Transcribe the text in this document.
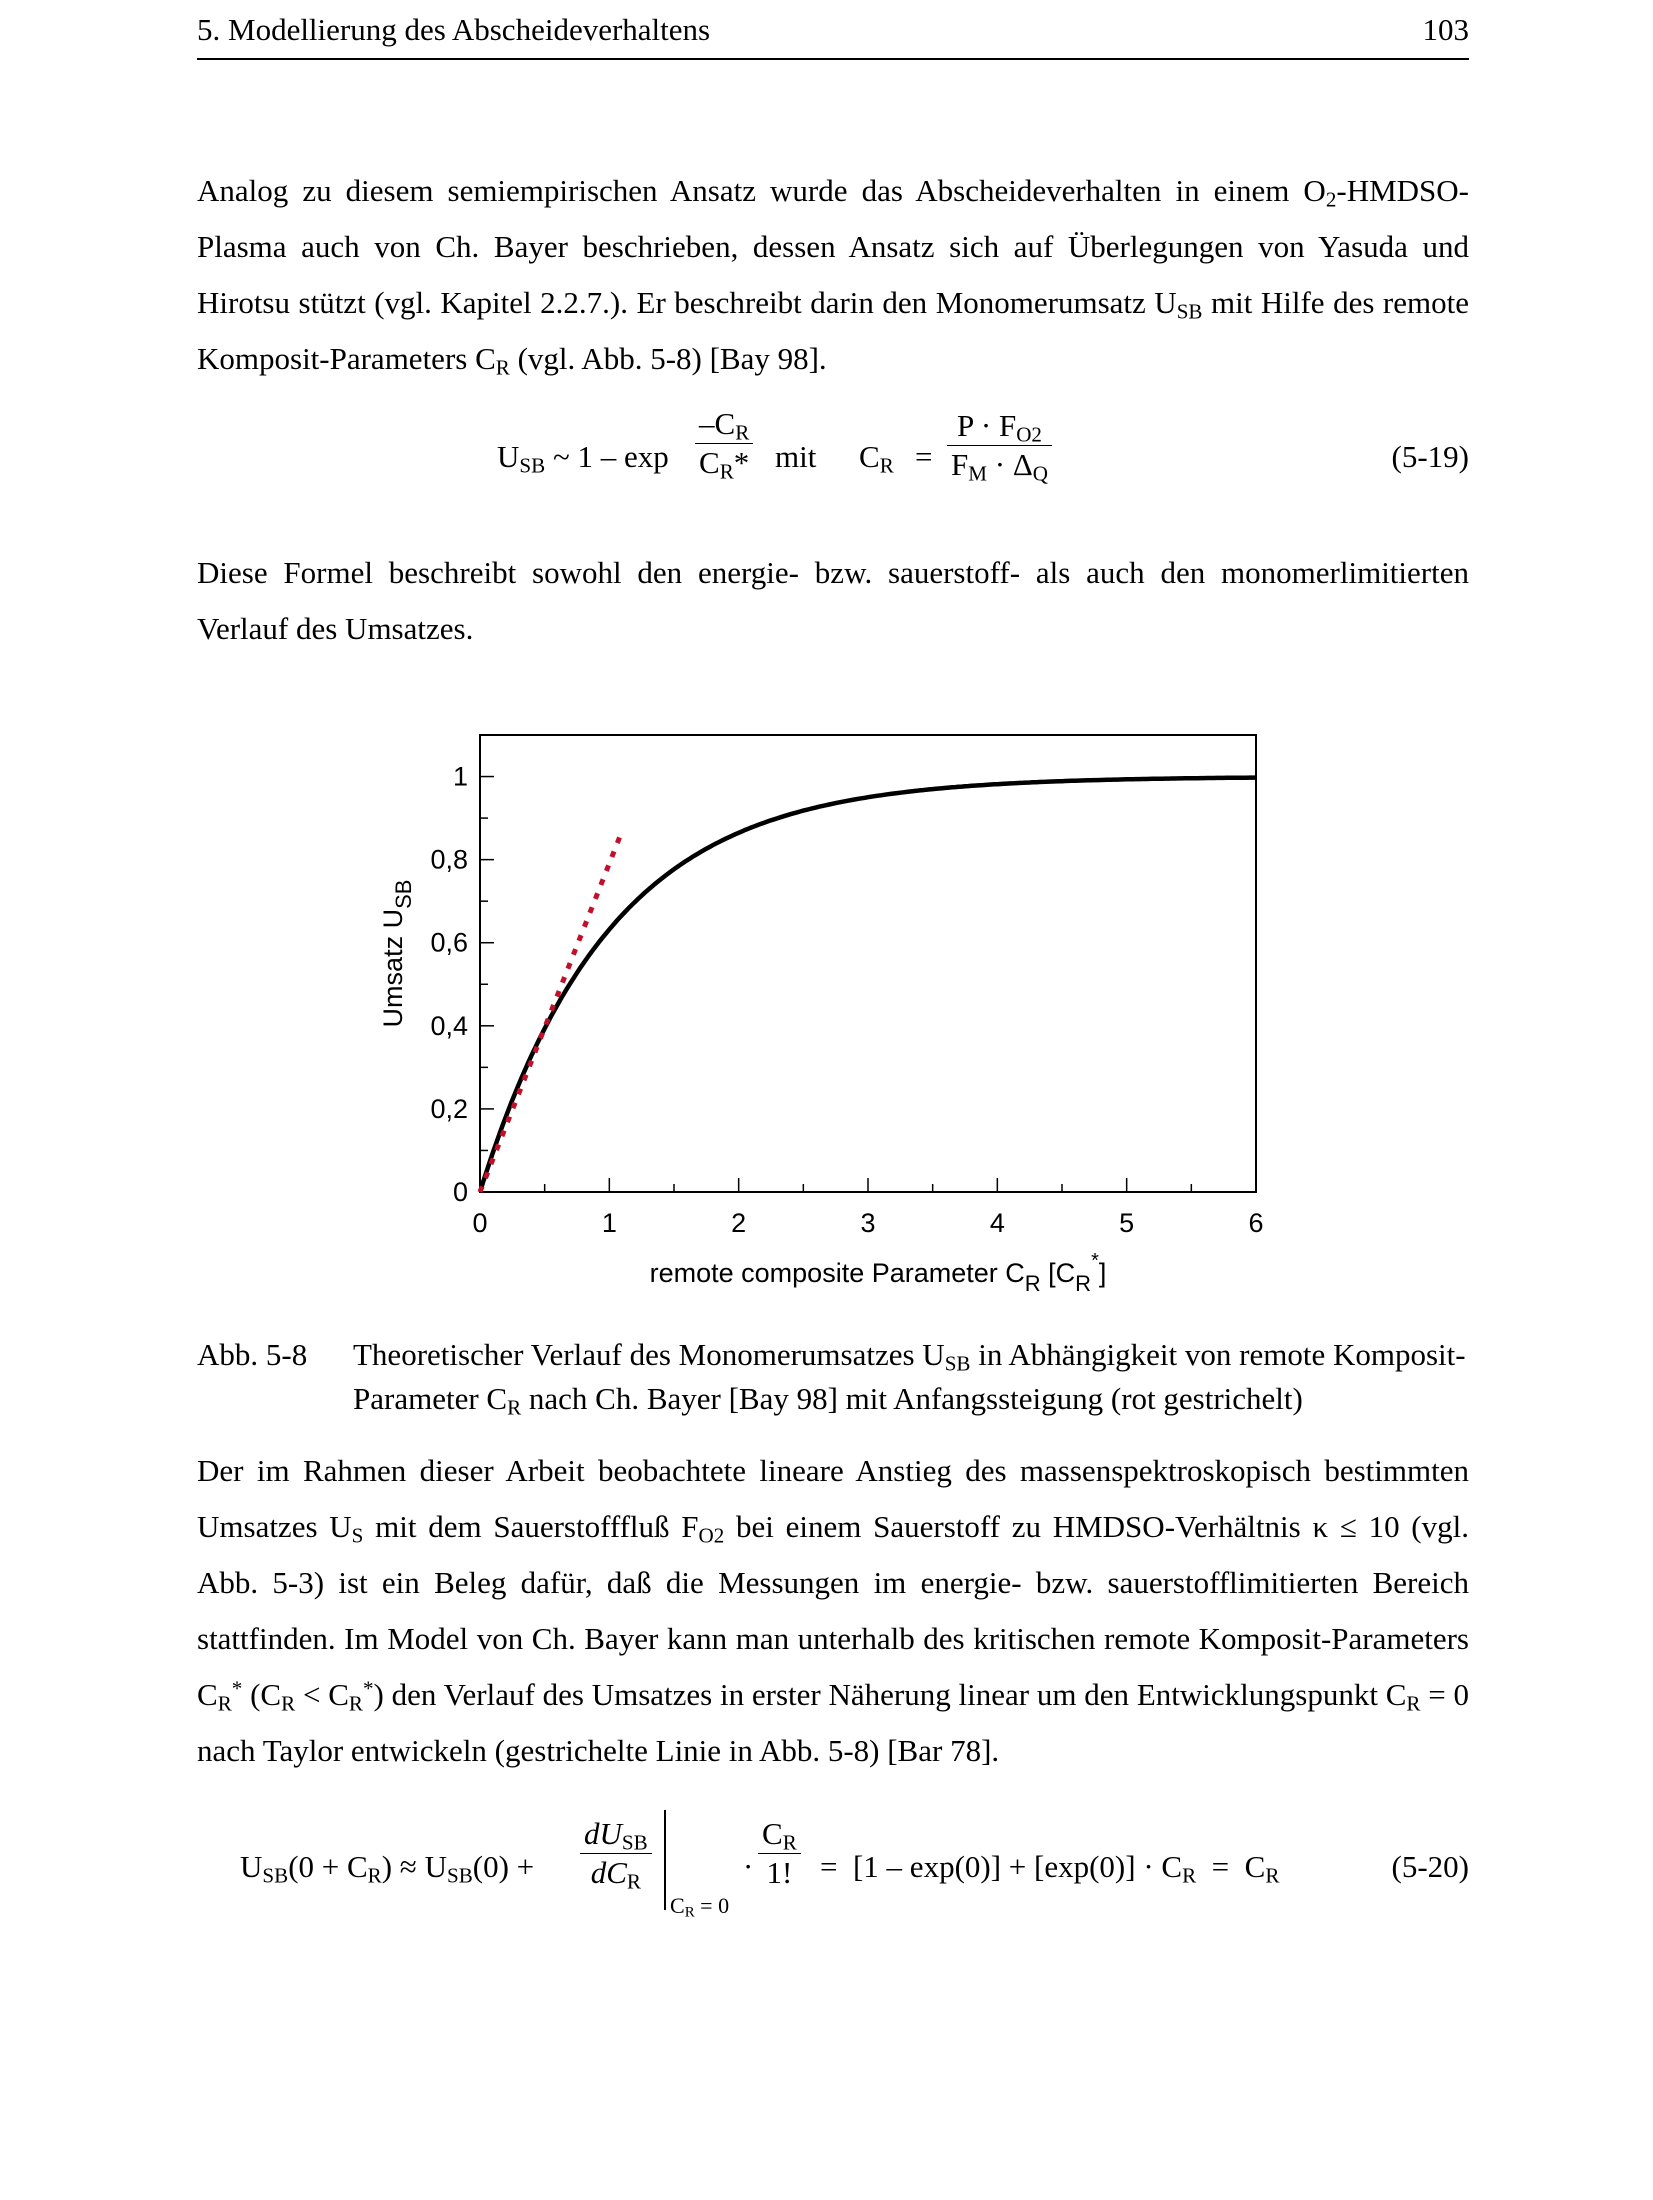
5. Modellierung des Abscheideverhaltens	103

Analog zu diesem semiempirischen Ansatz wurde das Abscheideverhalten in einem $O_2-HMDSO$-Plasma auch von Ch. Bayer beschrieben, dessen Ansatz sich auf Überlegungen von Yasuda und Hirotsu stützt (vgl. Kapitel 2.2.7.). Er beschreibt darin den Monomerumsatz $U_{SB}$ mit Hilfe des remote Komposit-Parameters $C_R$ (vgl. Abb. 5-8) [Bay 98].

$U_{SB}$ ~ $1 - \exp \frac{-C_R}{C_R*}$ mit $C_R = \frac{P \cdot F_{O2}}{F_M \cdot \Delta_Q}$	(5-19)

Diese Formel beschreibt sowohl den energie- bzw. sauerstoff- als auch den monomerlimitierten Verlauf des Umsatzes.

0	1	2	3	4	5	6
0
0,2
0,4
0,6
0,8
1
remote composite Parameter $C_R$ $[C_R^*]$
Umsatz $U_{SB}$
Abb. 5-8 Theoretischer Verlauf des Monomerumsatzes $U_{SB}$ in Abhängigkeit von remote Komposit-Parameter $C_R$ nach Ch. Bayer [Bay 98] mit Anfangssteigung (rot gestrichelt)

Der im Rahmen dieser Arbeit beobachtete lineare Anstieg des massenspektroskopisch bestimmten Umsatzes $U_S$ mit dem Sauerstofffluß $F_{O2}$ bei einem Sauerstoff zu HMDSO-Verhältnis κ ≤ 10 (vgl. Abb. 5-3) ist ein Beleg dafür, daß die Messungen im energie- bzw. sauerstofflimitierten Bereich stattfinden. Im Model von Ch. Bayer kann man unterhalb des kritischen remote Komposit-Parameters $C_R^*$ $(C_R < C_R^*)$ den Verlauf des Umsatzes in erster Näherung linear um den Entwicklungspunkt $C_R = 0$ nach Taylor entwickeln (gestrichelte Linie in Abb. 5-8) [Bar 78].

$U_{SB}(0 + C_R) \approx U_{SB}(0)$ +
$dU_{SB}$
$dC_R$
$C_R = 0$
· $\frac{C_R}{1!} = [1 - \exp(0)] + [\exp(0)] \cdot C_R = C_R$	(5-20)
